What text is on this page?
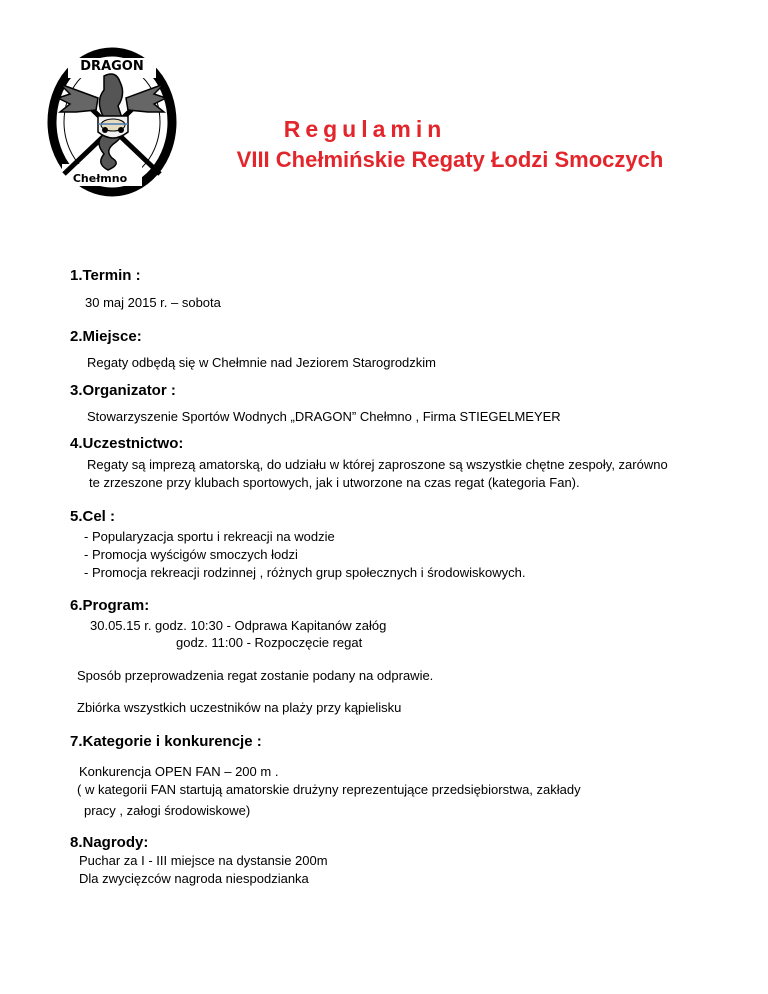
DRAGON
Chełmno
Regulamin
VIII Chełmińskie Regaty Łodzi Smoczych
1.Termin :
30 maj 2015 r. – sobota
2.Miejsce:
Regaty odbędą się w Chełmnie nad Jeziorem Starogrodzkim
3.Organizator :
Stowarzyszenie Sportów Wodnych „DRAGON” Chełmno , Firma STIEGELMEYER
4.Uczestnictwo:
Regaty są imprezą amatorską, do udziału w której zaproszone są wszystkie chętne zespoły, zarówno
te zrzeszone przy klubach sportowych, jak i utworzone na czas regat (kategoria Fan).
5.Cel :
- Popularyzacja sportu i rekreacji na wodzie
- Promocja wyścigów smoczych łodzi
- Promocja rekreacji rodzinnej , różnych grup społecznych i środowiskowych.
6.Program:
30.05.15 r. godz. 10:30 - Odprawa Kapitanów załóg
godz. 11:00 - Rozpoczęcie regat
Sposób przeprowadzenia regat zostanie podany na odprawie.
Zbiórka wszystkich uczestników na plaży przy kąpielisku
7.Kategorie i konkurencje :
Konkurencja OPEN FAN – 200 m .
( w kategorii FAN startują amatorskie drużyny reprezentujące przedsiębiorstwa, zakłady
pracy , załogi środowiskowe)
8.Nagrody:
Puchar za I - III miejsce na dystansie 200m
Dla zwycięzców nagroda niespodzianka
